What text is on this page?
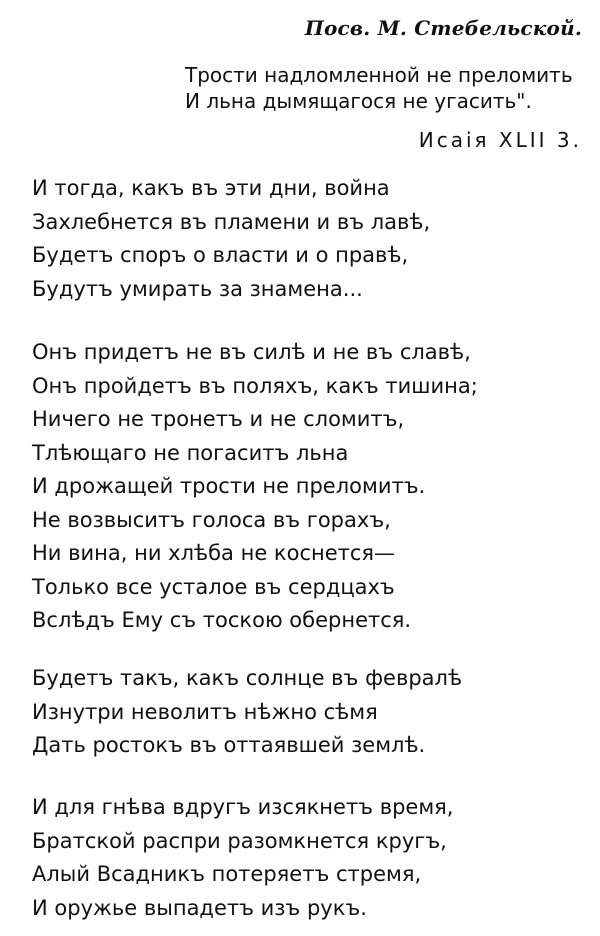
Посв. М. Стебельской.
Трости надломленной не преломить
И льна дымящагося не угасить".
Исаія XLII 3.
И тогда, какъ въ эти дни, война
Захлебнется въ пламени и въ лавѣ,
Будетъ споръ о власти и о правѣ,
Будутъ умирать за знамена...
Онъ придетъ не въ силѣ и не въ славѣ,
Онъ пройдетъ въ поляхъ, какъ тишина;
Ничего не тронетъ и не сломитъ,
Тлѣющаго не погаситъ льна
И дрожащей трости не преломитъ.
Не возвыситъ голоса въ горахъ,
Ни вина, ни хлѣба не коснется—
Только все усталое въ сердцахъ
Вслѣдъ Ему съ тоскою обернется.
Будетъ такъ, какъ солнце въ февралѣ
Изнутри неволитъ нѣжно сѣмя
Дать ростокъ въ оттаявшей землѣ.
И для гнѣва вдругъ изсякнетъ время,
Братской распри разомкнется кругъ,
Алый Всадникъ потеряетъ стремя,
И оружье выпадетъ изъ рукъ.
